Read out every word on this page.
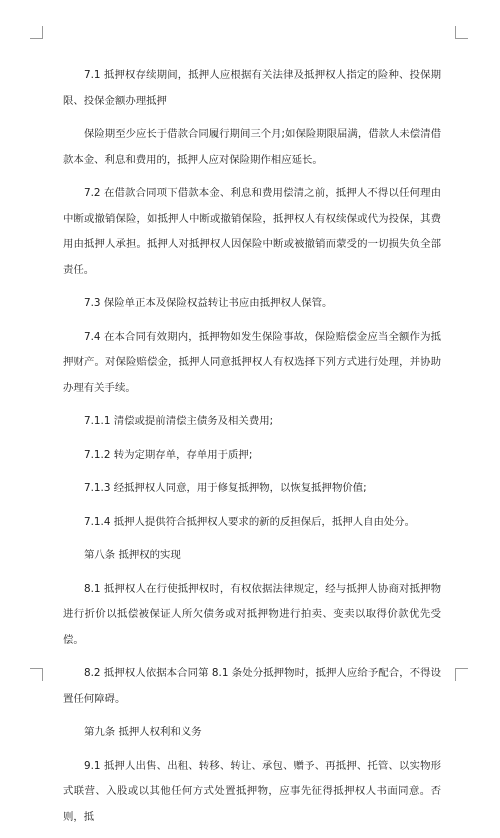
7.1 抵押权存续期间，抵押人应根据有关法律及抵押权人指定的险种、投保期限、投保金额办理抵押

保险期至少应长于借款合同履行期间三个月;如保险期限届满，借款人未偿清借款本金、利息和费用的，抵押人应对保险期作相应延长。

7.2 在借款合同项下借款本金、利息和费用偿清之前，抵押人不得以任何理由中断或撤销保险，如抵押人中断或撤销保险，抵押权人有权续保或代为投保，其费用由抵押人承担。抵押人对抵押权人因保险中断或被撤销而蒙受的一切损失负全部责任。

7.3 保险单正本及保险权益转让书应由抵押权人保管。

7.4 在本合同有效期内，抵押物如发生保险事故，保险赔偿金应当全额作为抵押财产。对保险赔偿金，抵押人同意抵押权人有权选择下列方式进行处理，并协助办理有关手续。

7.1.1 清偿或提前清偿主债务及相关费用;

7.1.2 转为定期存单，存单用于质押;

7.1.3 经抵押权人同意，用于修复抵押物，以恢复抵押物价值;

7.1.4 抵押人提供符合抵押权人要求的新的反担保后，抵押人自由处分。

第八条 抵押权的实现

8.1 抵押权人在行使抵押权时，有权依据法律规定，经与抵押人协商对抵押物进行折价以抵偿被保证人所欠债务或对抵押物进行拍卖、变卖以取得价款优先受偿。

8.2 抵押权人依据本合同第 8.1 条处分抵押物时，抵押人应给予配合，不得设置任何障碍。

第九条 抵押人权利和义务

9.1 抵押人出售、出租、转移、转让、承包、赠予、再抵押、托管、以实物形式联营、入股或以其他任何方式处置抵押物，应事先征得抵押权人书面同意。否则，抵
